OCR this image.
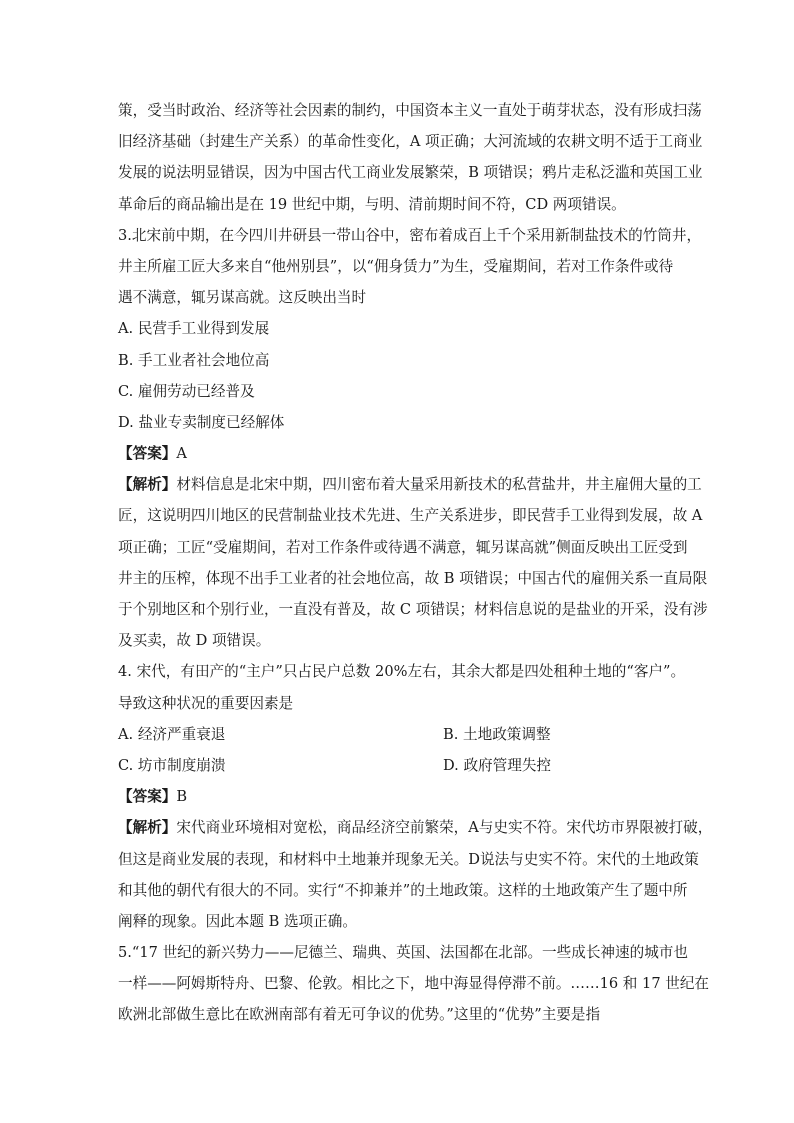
策，受当时政治、经济等社会因素的制约，中国资本主义一直处于萌芽状态，没有形成扫荡
旧经济基础（封建生产关系）的革命性变化，A 项正确；大河流域的农耕文明不适于工商业
发展的说法明显错误，因为中国古代工商业发展繁荣，B 项错误；鸦片走私泛滥和英国工业
革命后的商品输出是在 19 世纪中期，与明、清前期时间不符，CD 两项错误。
3.北宋前中期，在今四川井研县一带山谷中，密布着成百上千个采用新制盐技术的竹筒井，
井主所雇工匠大多来自“他州别县”，以“佣身赁力”为生，受雇期间，若对工作条件或待
遇不满意，辄另谋高就。这反映出当时
A. 民营手工业得到发展
B. 手工业者社会地位高
C. 雇佣劳动已经普及
D. 盐业专卖制度已经解体
【答案】A
【解析】材料信息是北宋中期，四川密布着大量采用新技术的私营盐井，井主雇佣大量的工
匠，这说明四川地区的民营制盐业技术先进、生产关系进步，即民营手工业得到发展，故 A
项正确；工匠“受雇期间，若对工作条件或待遇不满意，辄另谋高就”侧面反映出工匠受到
井主的压榨，体现不出手工业者的社会地位高，故 B 项错误；中国古代的雇佣关系一直局限
于个别地区和个别行业，一直没有普及，故 C 项错误；材料信息说的是盐业的开采，没有涉
及买卖，故 D 项错误。
4. 宋代，有田产的“主户”只占民户总数 20%左右，其余大都是四处租种土地的“客户”。
导致这种状况的重要因素是
A. 经济严重衰退	B. 土地政策调整
C. 坊市制度崩溃	D. 政府管理失控
【答案】B
【解析】宋代商业环境相对宽松，商品经济空前繁荣，A与史实不符。宋代坊市界限被打破，
但这是商业发展的表现，和材料中土地兼并现象无关。D说法与史实不符。宋代的土地政策
和其他的朝代有很大的不同。实行“不抑兼并”的土地政策。这样的土地政策产生了题中所
阐释的现象。因此本题 B 选项正确。
5.“17 世纪的新兴势力——尼德兰、瑞典、英国、法国都在北部。一些成长神速的城市也
一样——阿姆斯特舟、巴黎、伦敦。相比之下，地中海显得停滞不前。……16 和 17 世纪在
欧洲北部做生意比在欧洲南部有着无可争议的优势。”这里的“优势”主要是指
